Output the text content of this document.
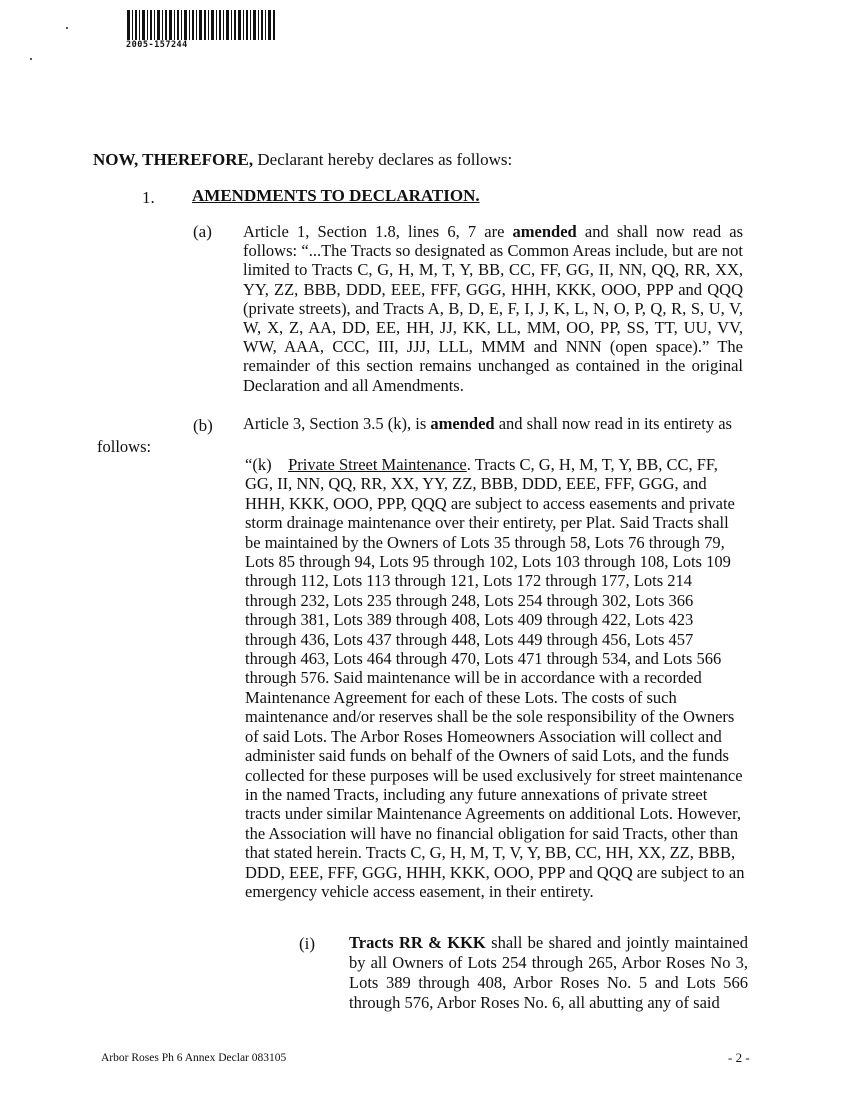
2005-157244
NOW, THEREFORE, Declarant hereby declares as follows:
1. AMENDMENTS TO DECLARATION.
(a) Article 1, Section 1.8, lines 6, 7 are amended and shall now read as follows: “...The Tracts so designated as Common Areas include, but are not limited to Tracts C, G, H, M, T, Y, BB, CC, FF, GG, II, NN, QQ, RR, XX, YY, ZZ, BBB, DDD, EEE, FFF, GGG, HHH, KKK, OOO, PPP and QQQ (private streets), and Tracts A, B, D, E, F, I, J, K, L, N, O, P, Q, R, S, U, V, W, X, Z, AA, DD, EE, HH, JJ, KK, LL, MM, OO, PP, SS, TT, UU, VV, WW, AAA, CCC, III, JJJ, LLL, MMM and NNN (open space).” The remainder of this section remains unchanged as contained in the original Declaration and all Amendments.

(b) Article 3, Section 3.5 (k), is amended and shall now read in its entirety as

follows:

“(k) Private Street Maintenance. Tracts C, G, H, M, T, Y, BB, CC, FF, GG, II, NN, QQ, RR, XX, YY, ZZ, BBB, DDD, EEE, FFF, GGG, and HHH, KKK, OOO, PPP, QQQ are subject to access easements and private storm drainage maintenance over their entirety, per Plat. Said Tracts shall be maintained by the Owners of Lots 35 through 58, Lots 76 through 79, Lots 85 through 94, Lots 95 through 102, Lots 103 through 108, Lots 109 through 112, Lots 113 through 121, Lots 172 through 177, Lots 214 through 232, Lots 235 through 248, Lots 254 through 302, Lots 366 through 381, Lots 389 through 408, Lots 409 through 422, Lots 423 through 436, Lots 437 through 448, Lots 449 through 456, Lots 457 through 463, Lots 464 through 470, Lots 471 through 534, and Lots 566 through 576. Said maintenance will be in accordance with a recorded Maintenance Agreement for each of these Lots. The costs of such maintenance and/or reserves shall be the sole responsibility of the Owners of said Lots. The Arbor Roses Homeowners Association will collect and administer said funds on behalf of the Owners of said Lots, and the funds collected for these purposes will be used exclusively for street maintenance in the named Tracts, including any future annexations of private street tracts under similar Maintenance Agreements on additional Lots. However, the Association will have no financial obligation for said Tracts, other than that stated herein. Tracts C, G, H, M, T, V, Y, BB, CC, HH, XX, ZZ, BBB, DDD, EEE, FFF, GGG, HHH, KKK, OOO, PPP and QQQ are subject to an emergency vehicle access easement, in their entirety.

(i) Tracts RR & KKK shall be shared and jointly maintained by all Owners of Lots 254 through 265, Arbor Roses No 3, Lots 389 through 408, Arbor Roses No. 5 and Lots 566 through 576, Arbor Roses No. 6, all abutting any of said

Arbor Roses Ph 6 Annex Declar 083105	- 2 -
